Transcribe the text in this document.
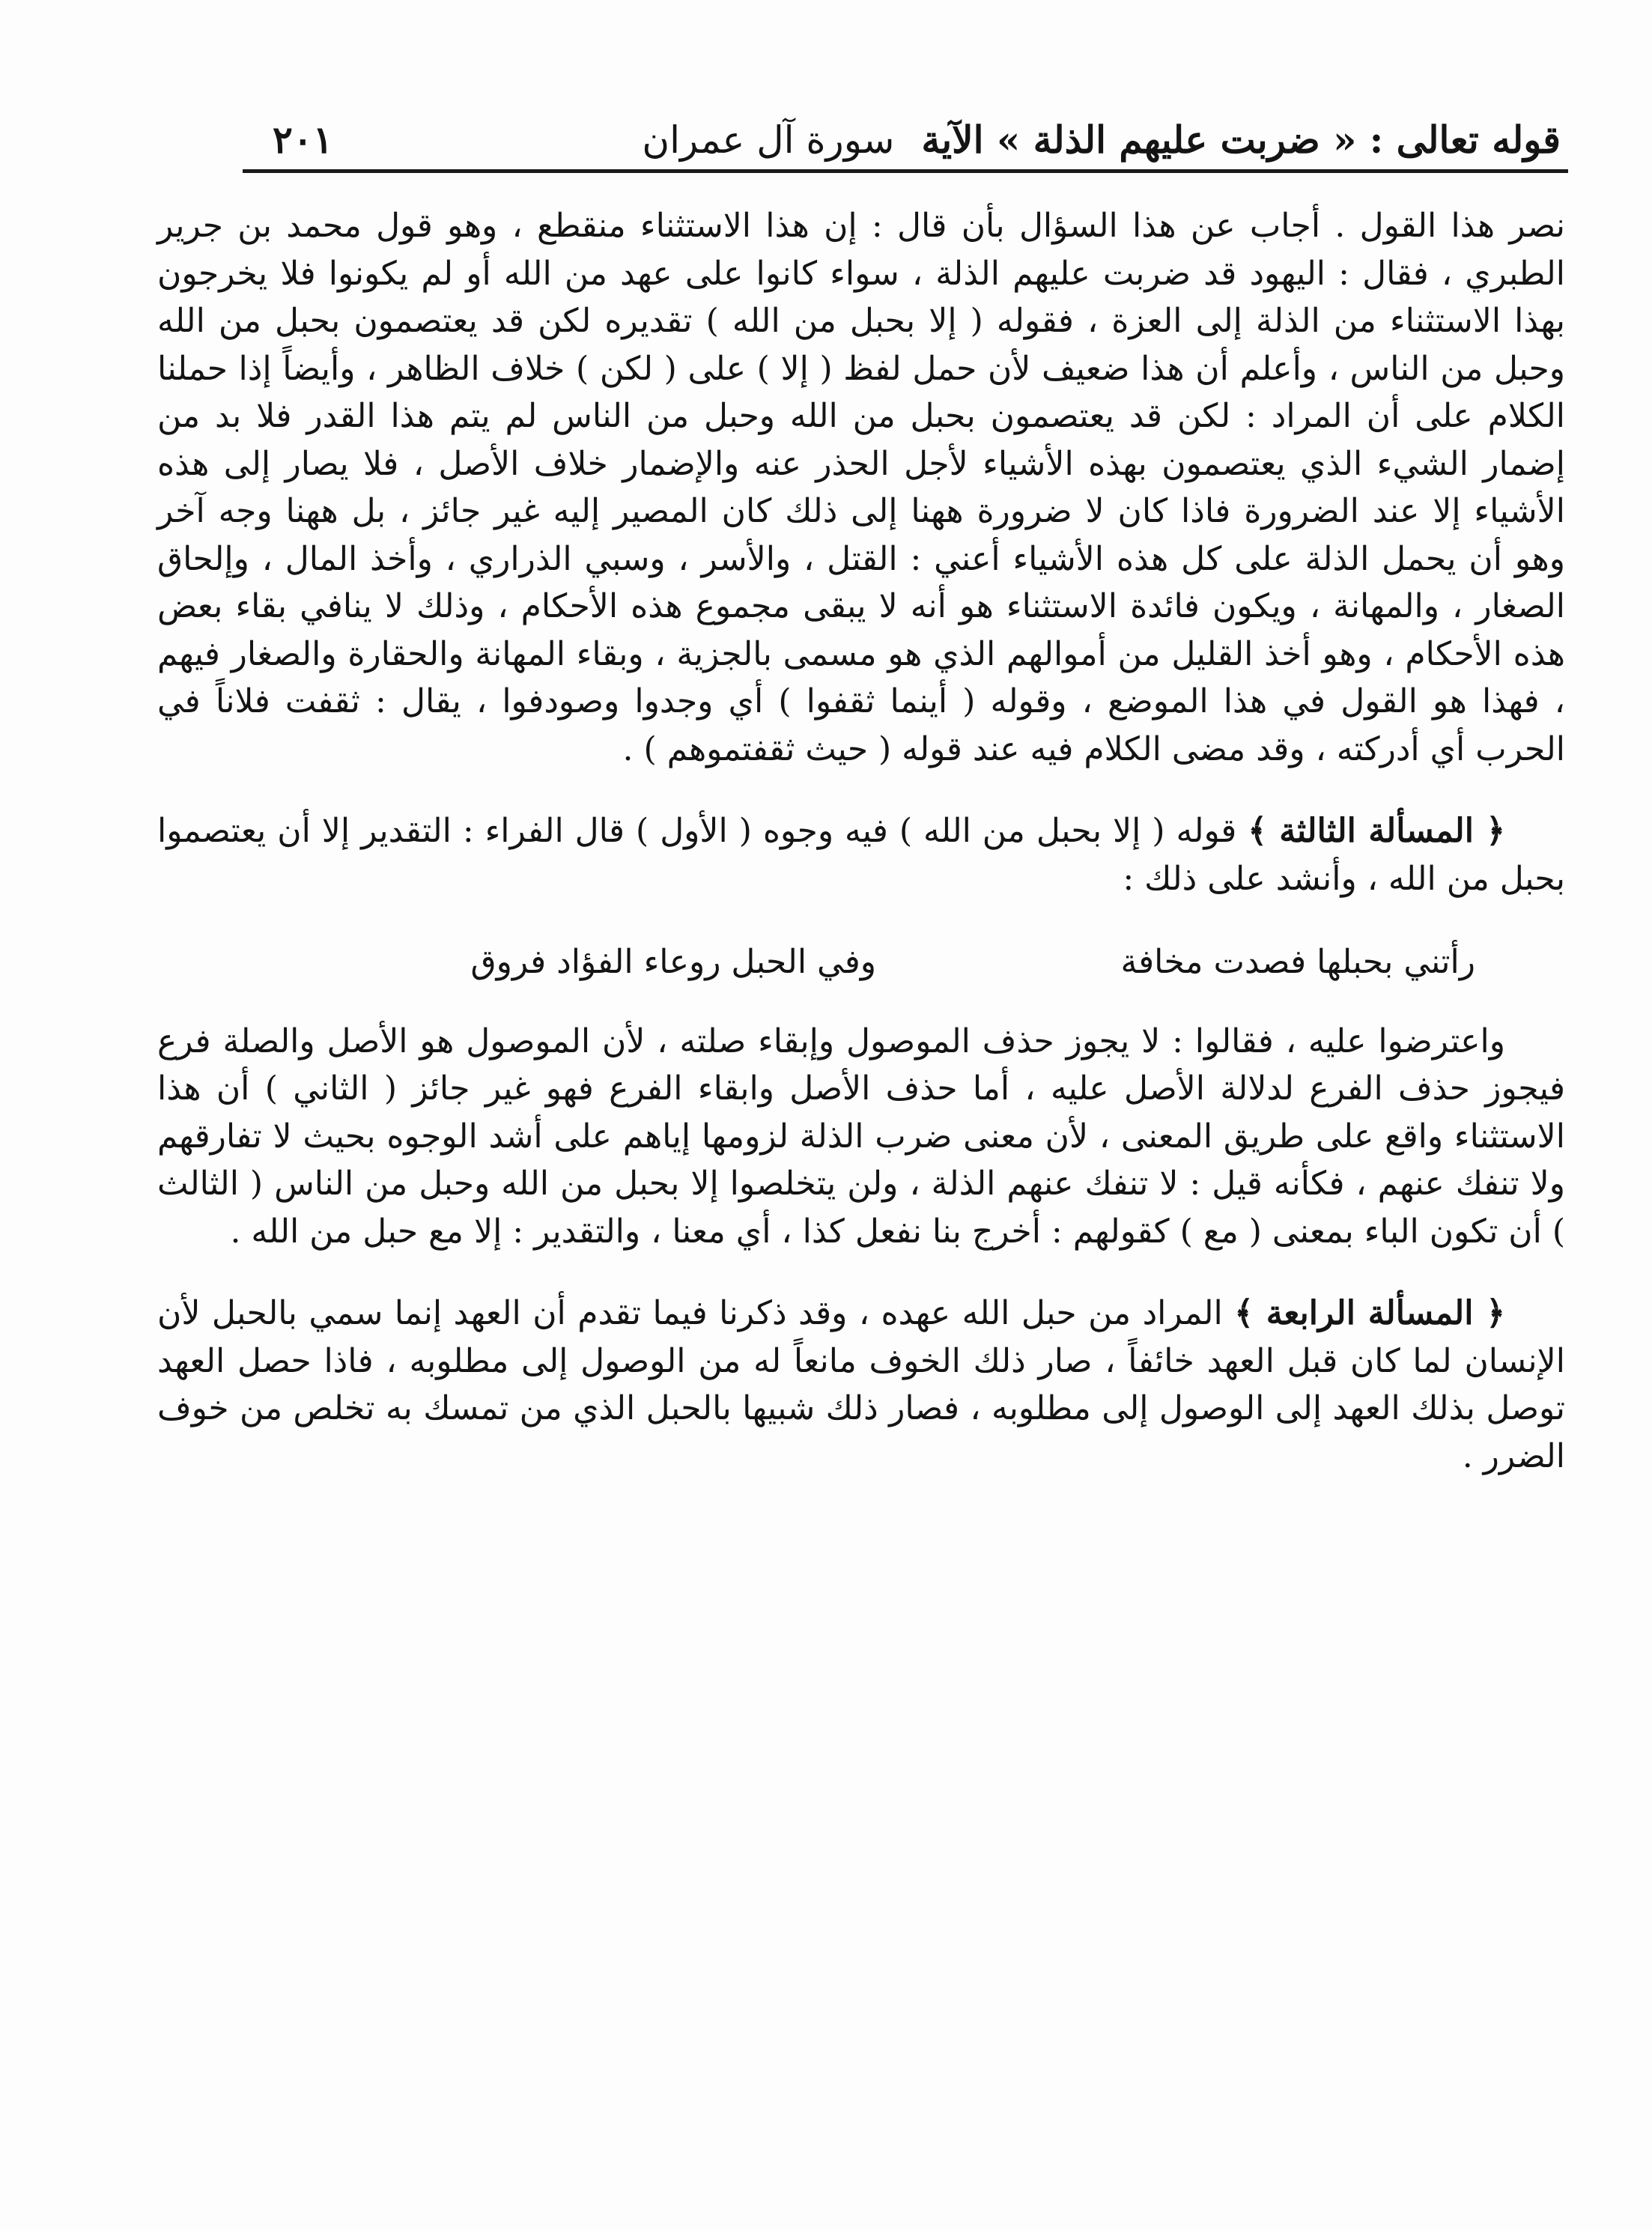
قوله تعالى : « ضربت عليهم الذلة » الآيةسورة آل عمران
٢٠١

نصر هذا القول . أجاب عن هذا السؤال بأن قال : إن هذا الاستثناء منقطع ، وهو قول محمد بن جرير الطبري ، فقال : اليهود قد ضربت عليهم الذلة ، سواء كانوا على عهد من الله أو لم يكونوا فلا يخرجون بهذا الاستثناء من الذلة إلى العزة ، فقوله ( إلا بحبل من الله ) تقديره لكن قد يعتصمون بحبل من الله وحبل من الناس ، وأعلم أن هذا ضعيف لأن حمل لفظ ( إلا ) على ( لكن ) خلاف الظاهر ، وأيضاً إذا حملنا الكلام على أن المراد : لكن قد يعتصمون بحبل من الله وحبل من الناس لم يتم هذا القدر فلا بد من إضمار الشيء الذي يعتصمون بهذه الأشياء لأجل الحذر عنه والإضمار خلاف الأصل ، فلا يصار إلى هذه الأشياء إلا عند الضرورة فاذا كان لا ضرورة ههنا إلى ذلك كان المصير إليه غير جائز ، بل ههنا وجه آخر وهو أن يحمل الذلة على كل هذه الأشياء أعني : القتل ، والأسر ، وسبي الذراري ، وأخذ المال ، وإلحاق الصغار ، والمهانة ، ويكون فائدة الاستثناء هو أنه لا يبقى مجموع هذه الأحكام ، وذلك لا ينافي بقاء بعض هذه الأحكام ، وهو أخذ القليل من أموالهم الذي هو مسمى بالجزية ، وبقاء المهانة والحقارة والصغار فيهم ، فهذا هو القول في هذا الموضع ، وقوله ( أينما ثقفوا ) أي وجدوا وصودفوا ، يقال : ثقفت فلاناً في الحرب أي أدركته ، وقد مضى الكلام فيه عند قوله ( حيث ثقفتموهم ) .

﴿ المسألة الثالثة ﴾ قوله ( إلا بحبل من الله ) فيه وجوه ( الأول ) قال الفراء : التقدير إلا أن يعتصموا بحبل من الله ، وأنشد على ذلك :

رأتني بحبلها فصدت مخافة
وفي الحبل روعاء الفؤاد فروق

واعترضوا عليه ، فقالوا : لا يجوز حذف الموصول وإبقاء صلته ، لأن الموصول هو الأصل والصلة فرع فيجوز حذف الفرع لدلالة الأصل عليه ، أما حذف الأصل وابقاء الفرع فهو غير جائز ( الثاني ) أن هذا الاستثناء واقع على طريق المعنى ، لأن معنى ضرب الذلة لزومها إياهم على أشد الوجوه بحيث لا تفارقهم ولا تنفك عنهم ، فكأنه قيل : لا تنفك عنهم الذلة ، ولن يتخلصوا إلا بحبل من الله وحبل من الناس ( الثالث ) أن تكون الباء بمعنى ( مع ) كقولهم : أخرج بنا نفعل كذا ، أي معنا ، والتقدير : إلا مع حبل من الله .

﴿ المسألة الرابعة ﴾ المراد من حبل الله عهده ، وقد ذكرنا فيما تقدم أن العهد إنما سمي بالحبل لأن الإنسان لما كان قبل العهد خائفاً ، صار ذلك الخوف مانعاً له من الوصول إلى مطلوبه ، فاذا حصل العهد توصل بذلك العهد إلى الوصول إلى مطلوبه ، فصار ذلك شبيها بالحبل الذي من تمسك به تخلص من خوف الضرر .
